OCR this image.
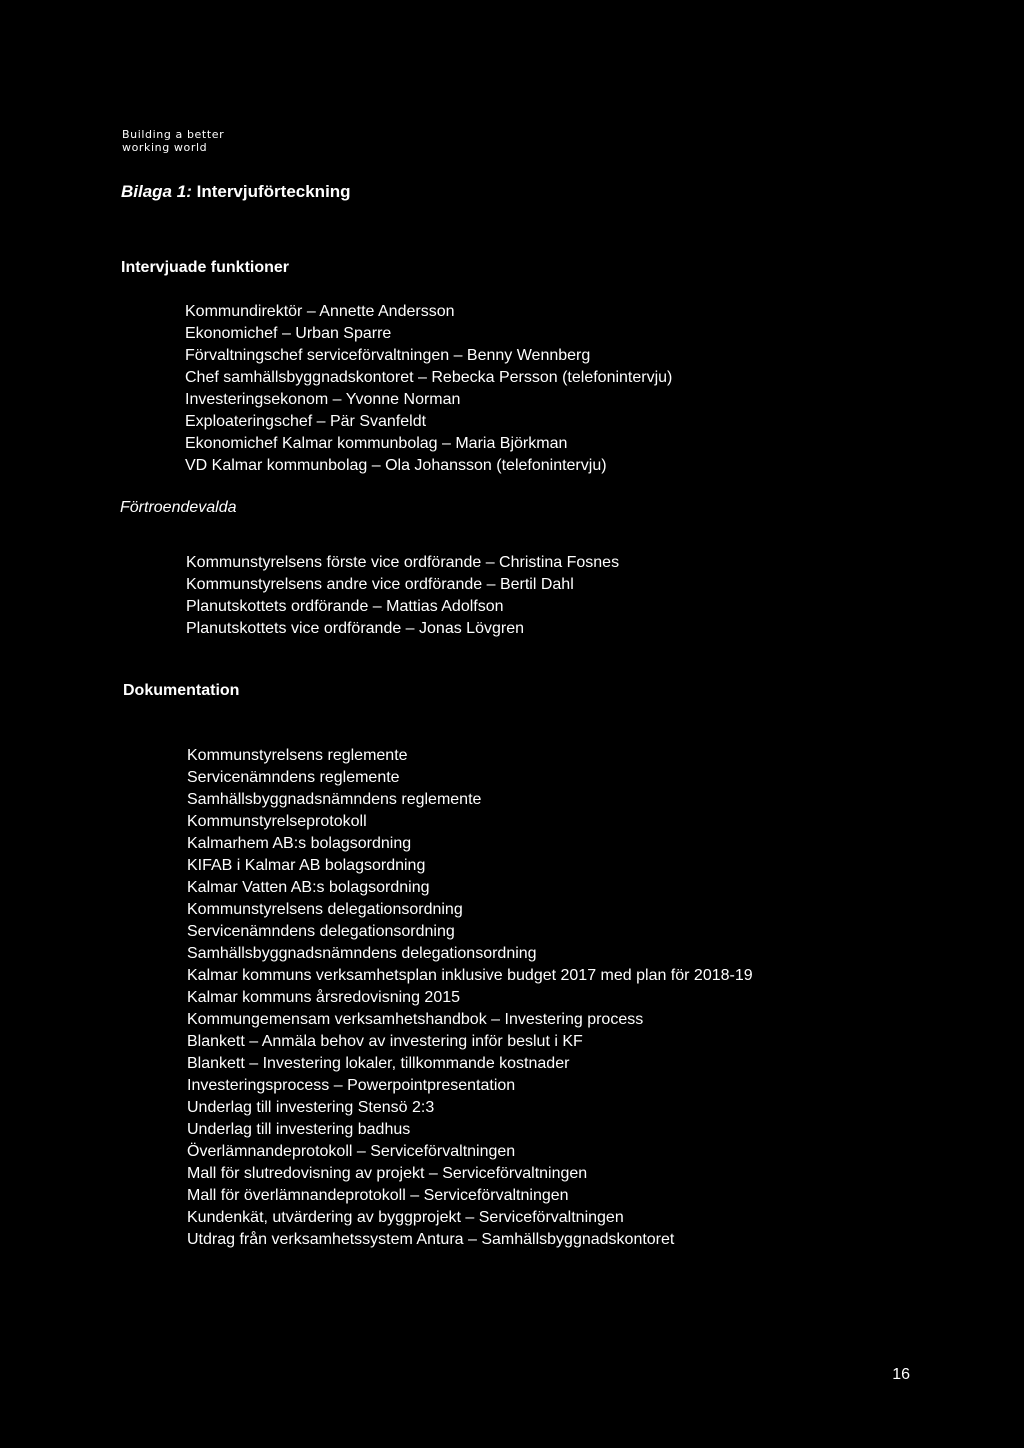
Building a better
working world
Bilaga 1: Intervjuförteckning
Intervjuade funktioner
Kommundirektör – Annette Andersson
Ekonomichef – Urban Sparre
Förvaltningschef serviceförvaltningen – Benny Wennberg
Chef samhällsbyggnadskontoret – Rebecka Persson (telefonintervju)
Investeringsekonom – Yvonne Norman
Exploateringschef – Pär Svanfeldt
Ekonomichef Kalmar kommunbolag – Maria Björkman
VD Kalmar kommunbolag – Ola Johansson (telefonintervju)
Förtroendevalda
Kommunstyrelsens förste vice ordförande – Christina Fosnes
Kommunstyrelsens andre vice ordförande – Bertil Dahl
Planutskottets ordförande – Mattias Adolfson
Planutskottets vice ordförande – Jonas Lövgren
Dokumentation
Kommunstyrelsens reglemente
Servicenämndens reglemente
Samhällsbyggnadsnämndens reglemente
Kommunstyrelseprotokoll
Kalmarhem AB:s bolagsordning
KIFAB i Kalmar AB bolagsordning
Kalmar Vatten AB:s bolagsordning
Kommunstyrelsens delegationsordning
Servicenämndens delegationsordning
Samhällsbyggnadsnämndens delegationsordning
Kalmar kommuns verksamhetsplan inklusive budget 2017 med plan för 2018-19
Kalmar kommuns årsredovisning 2015
Kommungemensam verksamhetshandbok – Investering process
Blankett – Anmäla behov av investering inför beslut i KF
Blankett – Investering lokaler, tillkommande kostnader
Investeringsprocess – Powerpointpresentation
Underlag till investering Stensö 2:3
Underlag till investering badhus
Överlämnandeprotokoll – Serviceförvaltningen
Mall för slutredovisning av projekt – Serviceförvaltningen
Mall för överlämnandeprotokoll – Serviceförvaltningen
Kundenkät, utvärdering av byggprojekt – Serviceförvaltningen
Utdrag från verksamhetssystem Antura – Samhällsbyggnadskontoret
16
